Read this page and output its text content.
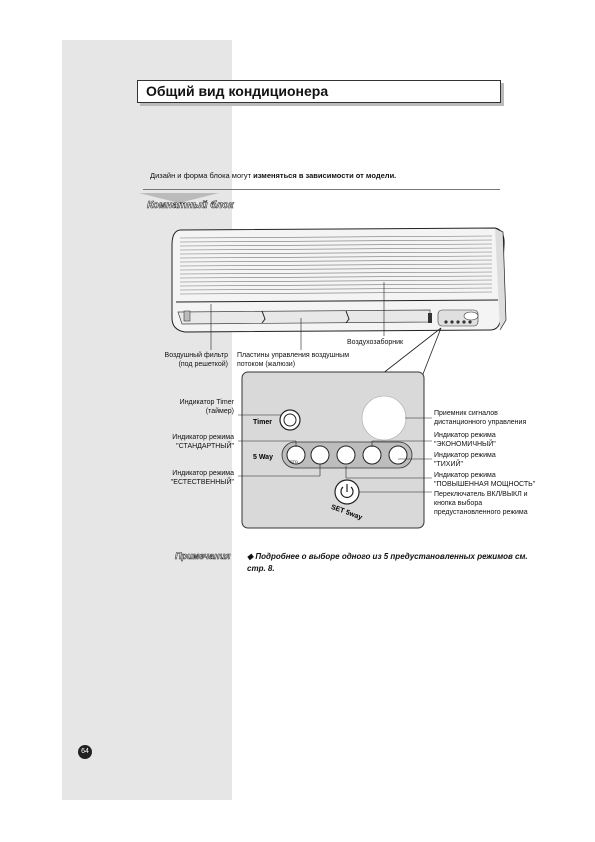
Общий вид кондиционера
Дизайн и форма блока могут изменяться в зависимости от модели.
Комнатный блок
Timer
5 Way
SET 5way
STD
Воздушный фильтр
(под решеткой)
Пластины управления воздушным
потоком (жалюзи)
Воздухозаборник
Индикатор Timer
(таймер)
Индикатор режима
"СТАНДАРТНЫЙ"
Индикатор режима
"ЕСТЕСТВЕННЫЙ"
Приемник сигналов
дистанционного управления
Индикатор режима
"ЭКОНОМИЧНЫЙ"
Индикатор режима
"ТИХИЙ"
Индикатор режима
"ПОВЫШЕННАЯ МОЩНОСТЬ"
Переключатель ВКЛ/ВЫКЛ и
кнопка выбора
предустановленного режима
Примечания ◆ Подробнее о выборе одного из 5 предустановленных режимов см. стр. 8.
64
